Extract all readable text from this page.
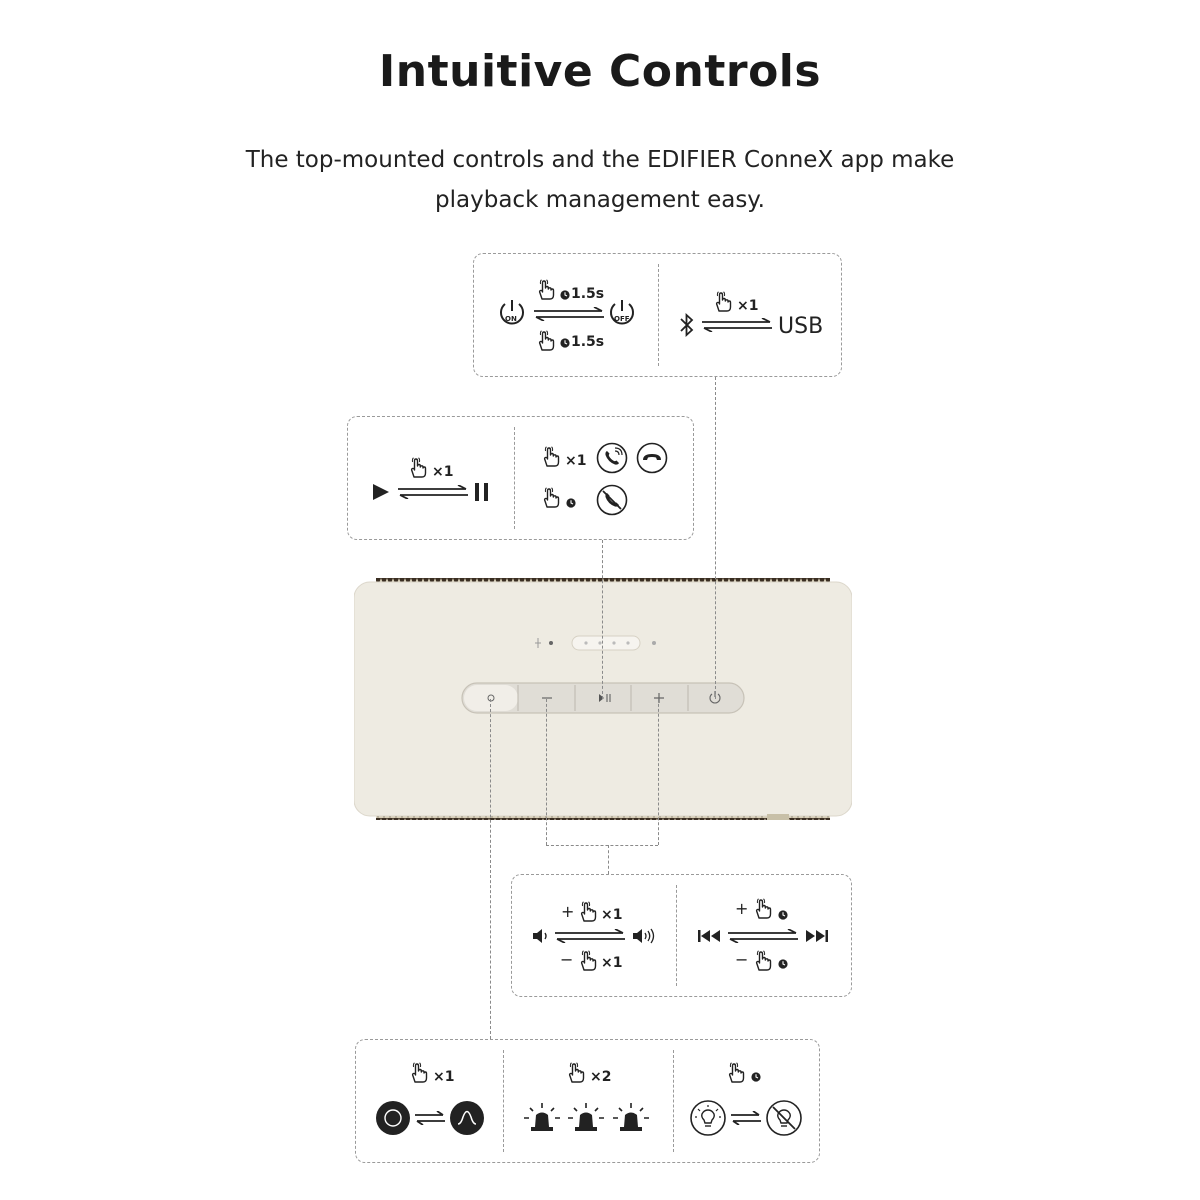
Intuitive Controls
The top-mounted controls and the EDIFIER ConneX app make playback management easy.
ON	OFF
1.5s
1.5s
×1
USB
×1
×1
+ ×1
− ×1
+
−
×1	×2
